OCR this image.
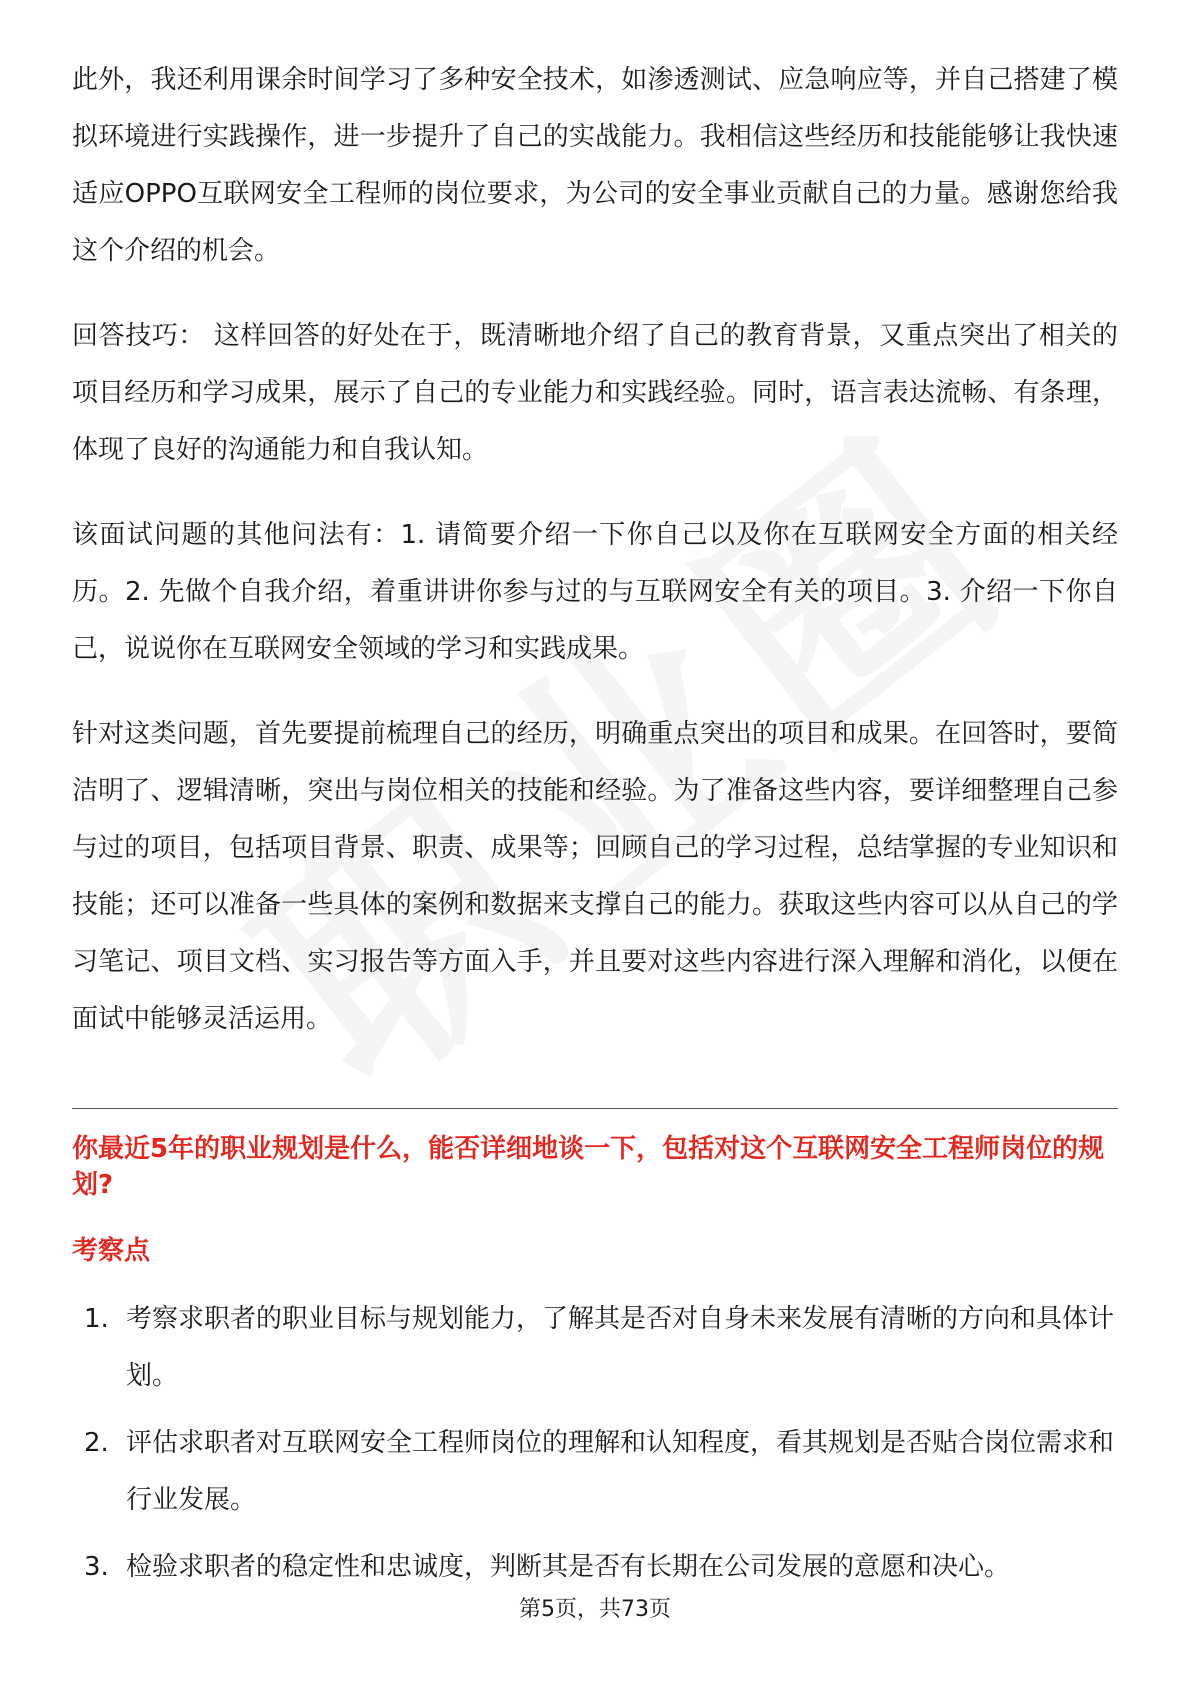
此外，我还利用课余时间学习了多种安全技术，如渗透测试、应急响应等，并自己搭建了模拟环境进行实践操作，进一步提升了自己的实战能力。我相信这些经历和技能能够让我快速适应OPPO互联网安全工程师的岗位要求，为公司的安全事业贡献自己的力量。感谢您给我这个介绍的机会。

回答技巧： 这样回答的好处在于，既清晰地介绍了自己的教育背景，又重点突出了相关的项目经历和学习成果，展示了自己的专业能力和实践经验。同时，语言表达流畅、有条理，体现了良好的沟通能力和自我认知。

该面试问题的其他问法有：1. 请简要介绍一下你自己以及你在互联网安全方面的相关经历。2. 先做个自我介绍，着重讲讲你参与过的与互联网安全有关的项目。3. 介绍一下你自己，说说你在互联网安全领域的学习和实践成果。

针对这类问题，首先要提前梳理自己的经历，明确重点突出的项目和成果。在回答时，要简洁明了、逻辑清晰，突出与岗位相关的技能和经验。为了准备这些内容，要详细整理自己参与过的项目，包括项目背景、职责、成果等；回顾自己的学习过程，总结掌握的专业知识和技能；还可以准备一些具体的案例和数据来支撑自己的能力。获取这些内容可以从自己的学习笔记、项目文档、实习报告等方面入手，并且要对这些内容进行深入理解和消化，以便在面试中能够灵活运用。

你最近5年的职业规划是什么，能否详细地谈一下，包括对这个互联网安全工程师岗位的规划?
考察点
1. 考察求职者的职业目标与规划能力，了解其是否对自身未来发展有清晰的方向和具体计划。
2. 评估求职者对互联网安全工程师岗位的理解和认知程度，看其规划是否贴合岗位需求和行业发展。
3. 检验求职者的稳定性和忠诚度，判断其是否有长期在公司发展的意愿和决心。
第5页，共73页
